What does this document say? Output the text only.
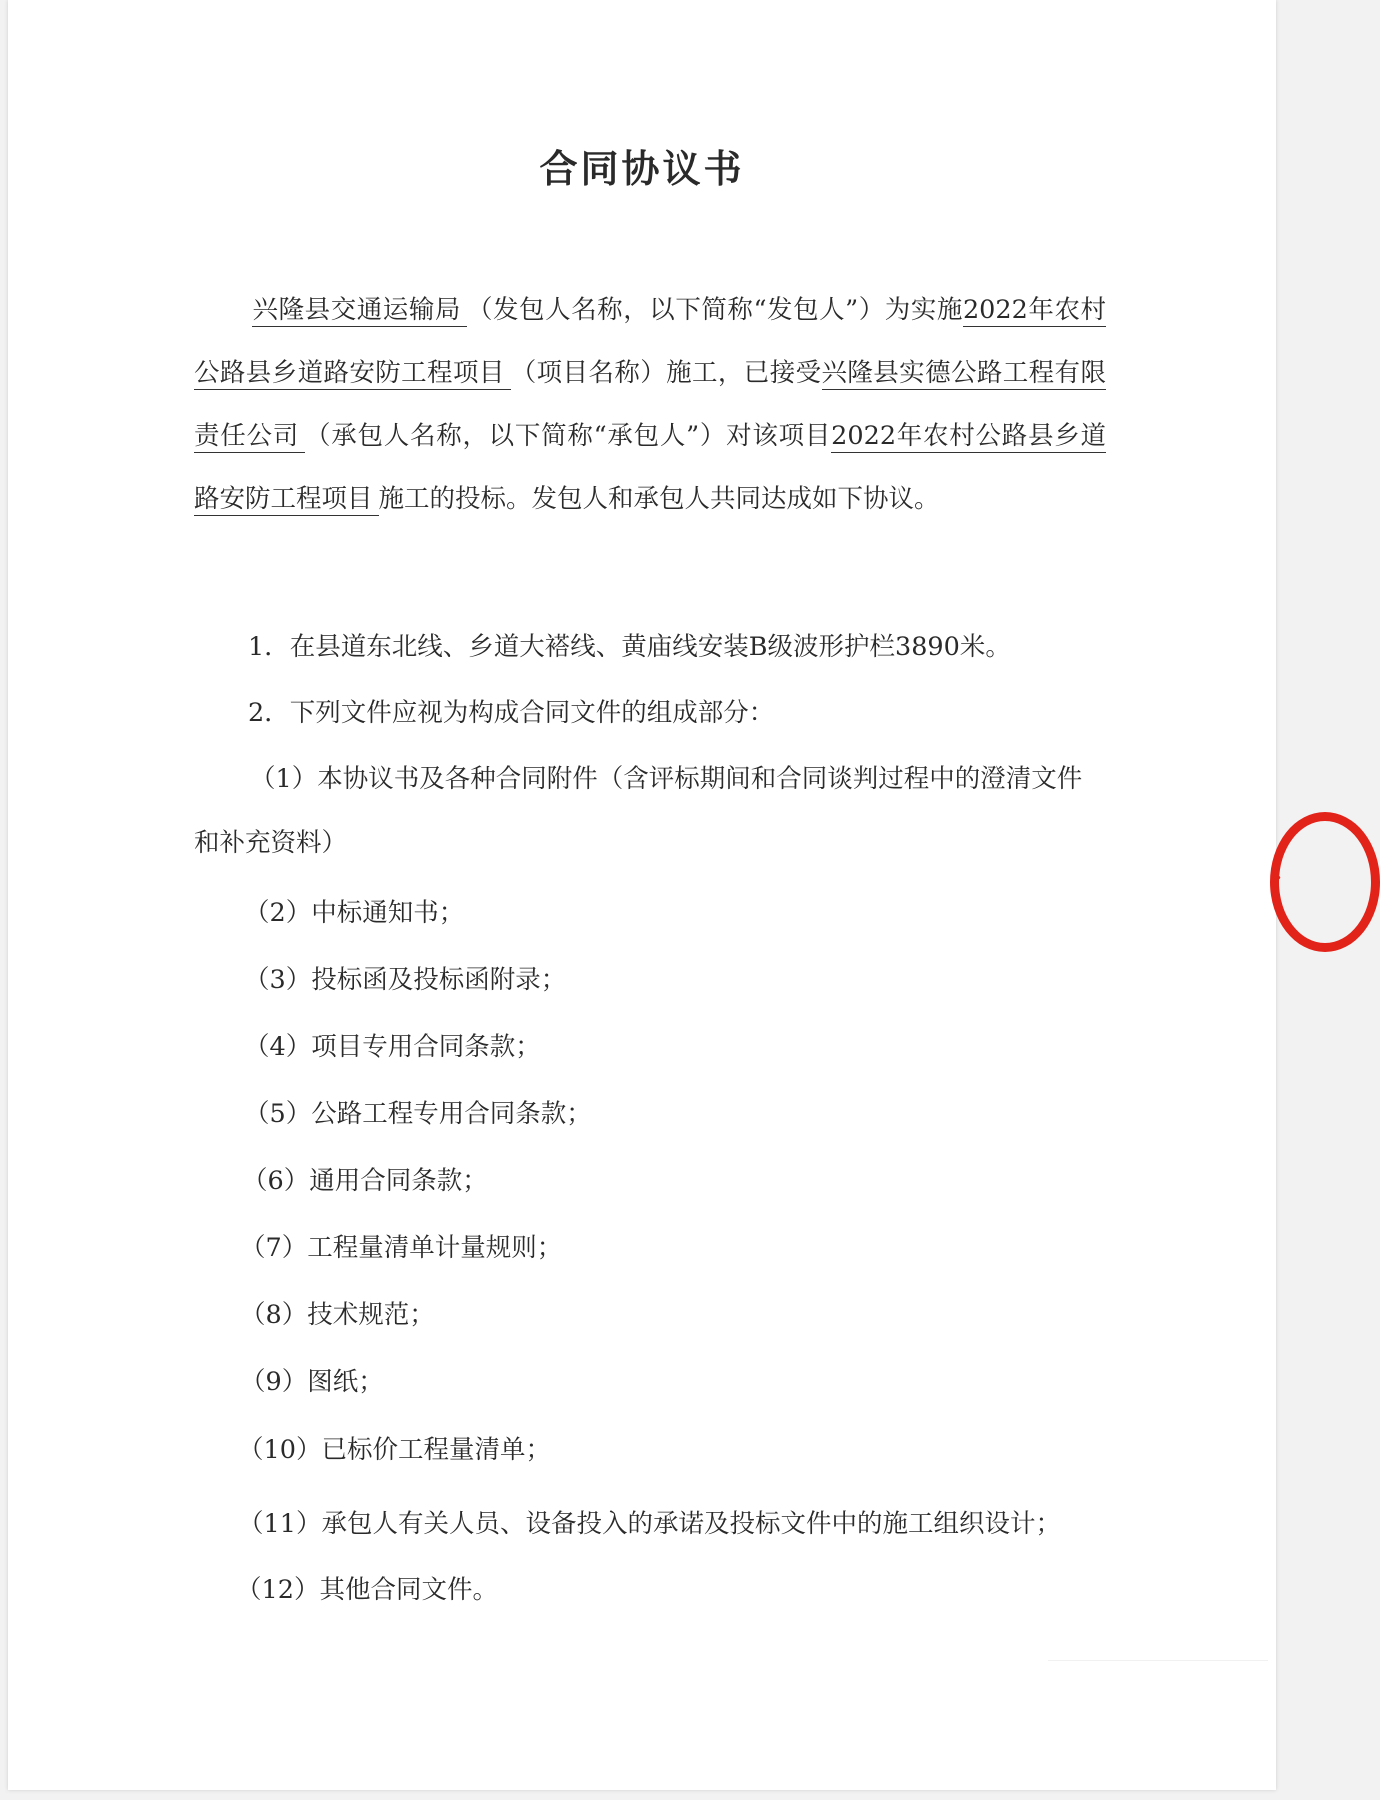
合同协议书
兴隆县交通运输局 （发包人名称，以下简称“发包人”）为实施2022年农村公路县乡道路安防工程项目 （项目名称）施工，已接受兴隆县实德公路工程有限责任公司 （承包人名称，以下简称“承包人”）对该项目2022年农村公路县乡道路安防工程项目 施工的投标。发包人和承包人共同达成如下协议。
1．在县道东北线、乡道大褡线、黄庙线安装B级波形护栏3890米。
2．下列文件应视为构成合同文件的组成部分：
（1）本协议书及各种合同附件（含评标期间和合同谈判过程中的澄清文件
和补充资料）
（2）中标通知书；
（3）投标函及投标函附录；
（4）项目专用合同条款；
（5）公路工程专用合同条款；
（6）通用合同条款；
（7）工程量清单计量规则；
（8）技术规范；
（9）图纸；
（10）已标价工程量清单；
（11）承包人有关人员、设备投入的承诺及投标文件中的施工组织设计；
（12）其他合同文件。
·
